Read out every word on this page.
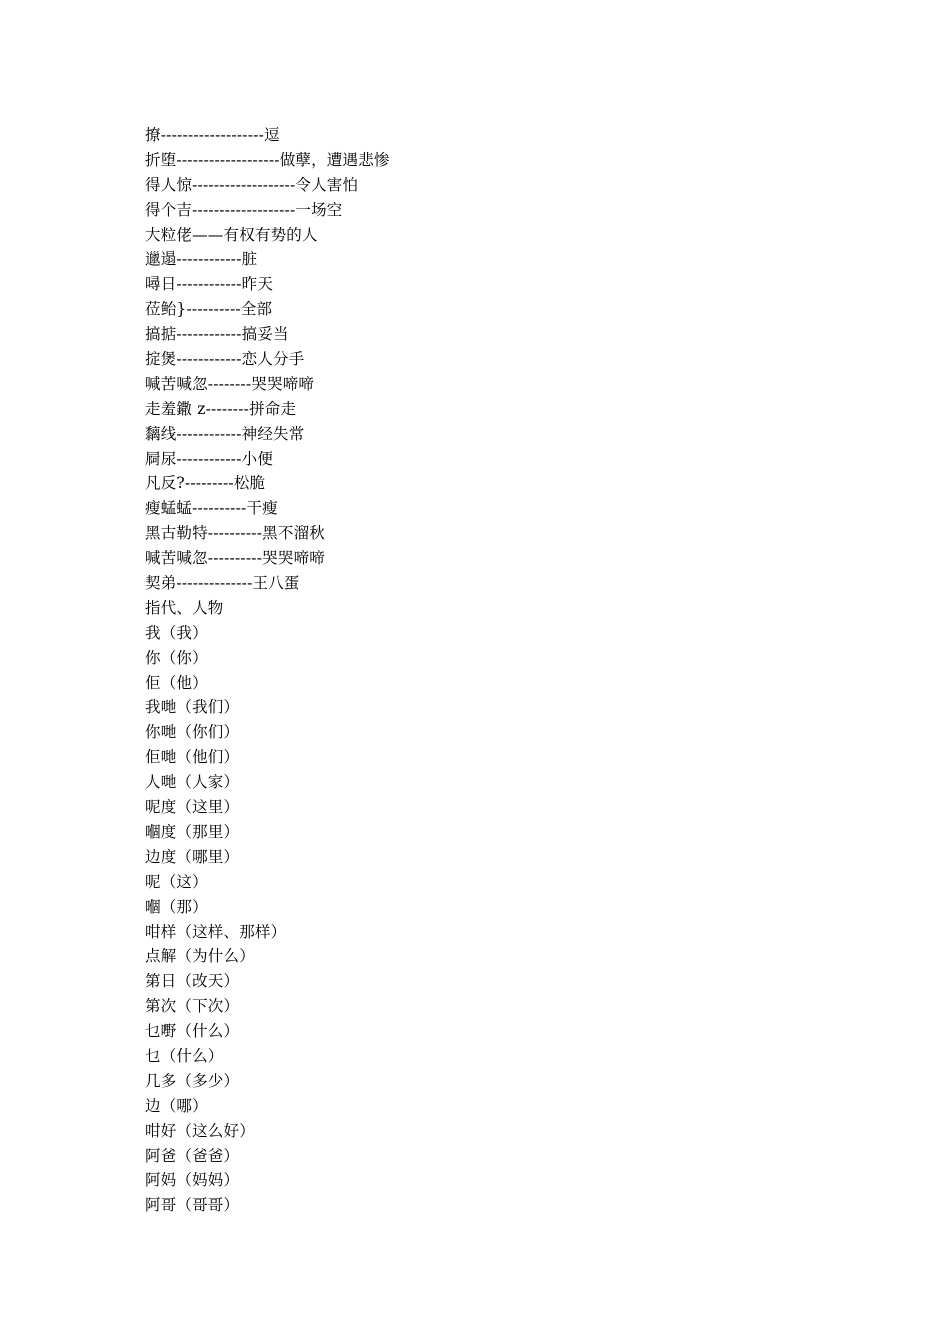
撩-------------------逗
折堕-------------------做孽，遭遇悲惨
得人惊-------------------令人害怕
得个吉-------------------一场空
大粒佬——有权有势的人
邋遢------------脏
噚日------------昨天
莅鲐}----------全部
搞掂------------搞妥当
掟煲------------恋人分手
喊苦喊忽--------哭哭啼啼
走羞鏾 z--------拼命走
黐线------------神经失常
屙尿------------小便
凡反?---------松脆
瘦蜢蜢----------干瘦
黑古勒特----------黑不溜秋
喊苦喊忽----------哭哭啼啼
契弟--------------王八蛋
指代、人物
我（我）
你（你）
佢（他）
我哋（我们）
你哋（你们）
佢哋（他们）
人哋（人家）
呢度（这里）
嗰度（那里）
边度（哪里）
呢（这）
嗰（那）
咁样（这样、那样）
点解（为什么）
第日（改天）
第次（下次）
乜嘢（什么）
乜（什么）
几多（多少）
边（哪）
咁好（这么好）
阿爸（爸爸）
阿妈（妈妈）
阿哥（哥哥）
